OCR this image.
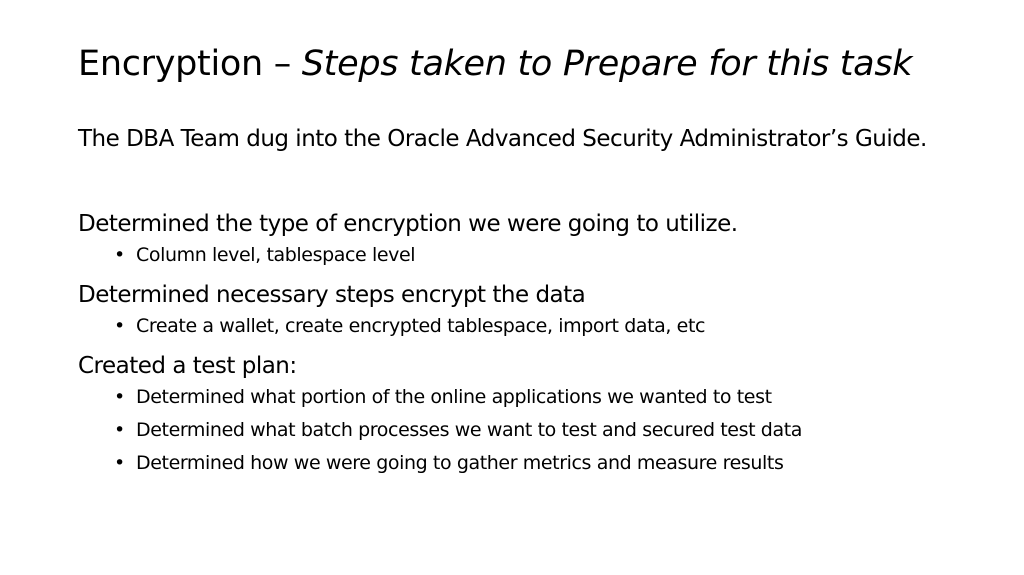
Encryption – Steps taken to Prepare for this task

The DBA Team dug into the Oracle Advanced Security Administrator’s Guide.

Determined the type of encryption we were going to utilize.

• Column level, tablespace level

Determined necessary steps encrypt the data

• Create a wallet, create encrypted tablespace, import data, etc

Created a test plan:

• Determined what portion of the online applications we wanted to test
• Determined what batch processes we want to test and secured test data
• Determined how we were going to gather metrics and measure results
